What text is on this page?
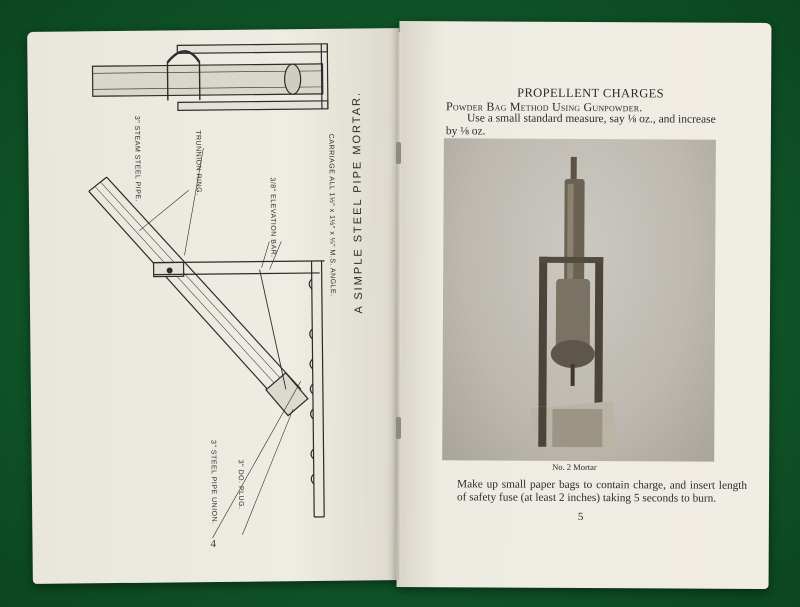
3" STEAM STEEL PIPE.	TRUNNION RING.
3/8" ELEVATION BAR.	CARRIAGE ALL 1½" x 1½" x ¼" M.S. ANGLE.
3" STEEL PIPE UNION.	3" DO. PLUG.
A SIMPLE STEEL PIPE MORTAR.
4
PROPELLENT CHARGES
Powder Bag Method Using Gunpowder.
Use a small standard measure, say ⅛ oz., and increase
by ⅛ oz.
No. 2 Mortar
Make up small paper bags to contain charge, and insert length of safety fuse (at least 2 inches) taking 5 seconds to burn.
5
